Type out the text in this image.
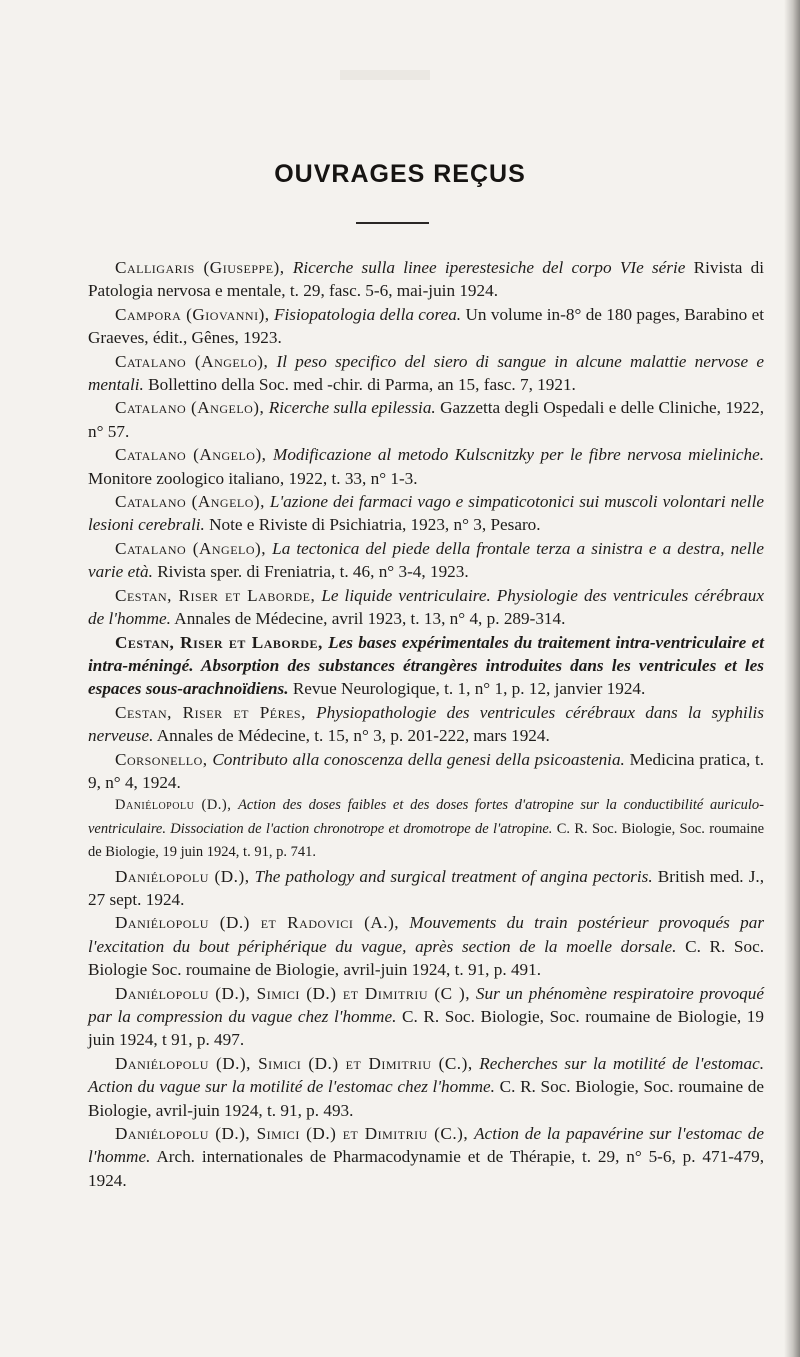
OUVRAGES REÇUS

Calligaris (Giuseppe), Ricerche sulla linee iperestesiche del corpo VIe série Rivista di Patologia nervosa e mentale, t. 29, fasc. 5-6, mai-juin 1924.

Campora (Giovanni), Fisiopatologia della corea. Un volume in-8° de 180 pages, Barabino et Graeves, édit., Gênes, 1923.

Catalano (Angelo), Il peso specifico del siero di sangue in alcune malattie nervose e mentali. Bollettino della Soc. med -chir. di Parma, an 15, fasc. 7, 1921.

Catalano (Angelo), Ricerche sulla epilessia. Gazzetta degli Ospedali e delle Cliniche, 1922, n° 57.

Catalano (Angelo), Modificazione al metodo Kulscnitzky per le fibre nervosa mieliniche. Monitore zoologico italiano, 1922, t. 33, n° 1-3.

Catalano (Angelo), L'azione dei farmaci vago e simpaticotonici sui muscoli volontari nelle lesioni cerebrali. Note e Riviste di Psichiatria, 1923, n° 3, Pesaro.

Catalano (Angelo), La tectonica del piede della frontale terza a sinistra e a destra, nelle varie età. Rivista sper. di Freniatria, t. 46, n° 3-4, 1923.

Cestan, Riser et Laborde, Le liquide ventriculaire. Physiologie des ventricules cérébraux de l'homme. Annales de Médecine, avril 1923, t. 13, n° 4, p. 289-314.

Cestan, Riser et Laborde, Les bases expérimentales du traitement intra-ventriculaire et intra-méningé. Absorption des substances étrangères introduites dans les ventricules et les espaces sous-arachnoïdiens. Revue Neurologique, t. 1, n° 1, p. 12, janvier 1924.

Cestan, Riser et Péres, Physiopathologie des ventricules cérébraux dans la syphilis nerveuse. Annales de Médecine, t. 15, n° 3, p. 201-222, mars 1924.

Corsonello, Contributo alla conoscenza della genesi della psicoastenia. Medicina pratica, t. 9, n° 4, 1924.

Daniélopolu (D.), Action des doses faibles et des doses fortes d'atropine sur la conductibilité auriculo-ventriculaire. Dissociation de l'action chronotrope et dromotrope de l'atropine. C. R. Soc. Biologie, Soc. roumaine de Biologie, 19 juin 1924, t. 91, p. 741.

Daniélopolu (D.), The pathology and surgical treatment of angina pectoris. British med. J., 27 sept. 1924.

Daniélopolu (D.) et Radovici (A.), Mouvements du train postérieur provoqués par l'excitation du bout périphérique du vague, après section de la moelle dorsale. C. R. Soc. Biologie Soc. roumaine de Biologie, avril-juin 1924, t. 91, p. 491.

Daniélopolu (D.), Simici (D.) et Dimitriu (C ), Sur un phénomène respiratoire provoqué par la compression du vague chez l'homme. C. R. Soc. Biologie, Soc. roumaine de Biologie, 19 juin 1924, t 91, p. 497.

Daniélopolu (D.), Simici (D.) et Dimitriu (C.), Recherches sur la motilité de l'estomac. Action du vague sur la motilité de l'estomac chez l'homme. C. R. Soc. Biologie, Soc. roumaine de Biologie, avril-juin 1924, t. 91, p. 493.

Daniélopolu (D.), Simici (D.) et Dimitriu (C.), Action de la papavérine sur l'estomac de l'homme. Arch. internationales de Pharmacodynamie et de Thérapie, t. 29, n° 5-6, p. 471-479, 1924.
